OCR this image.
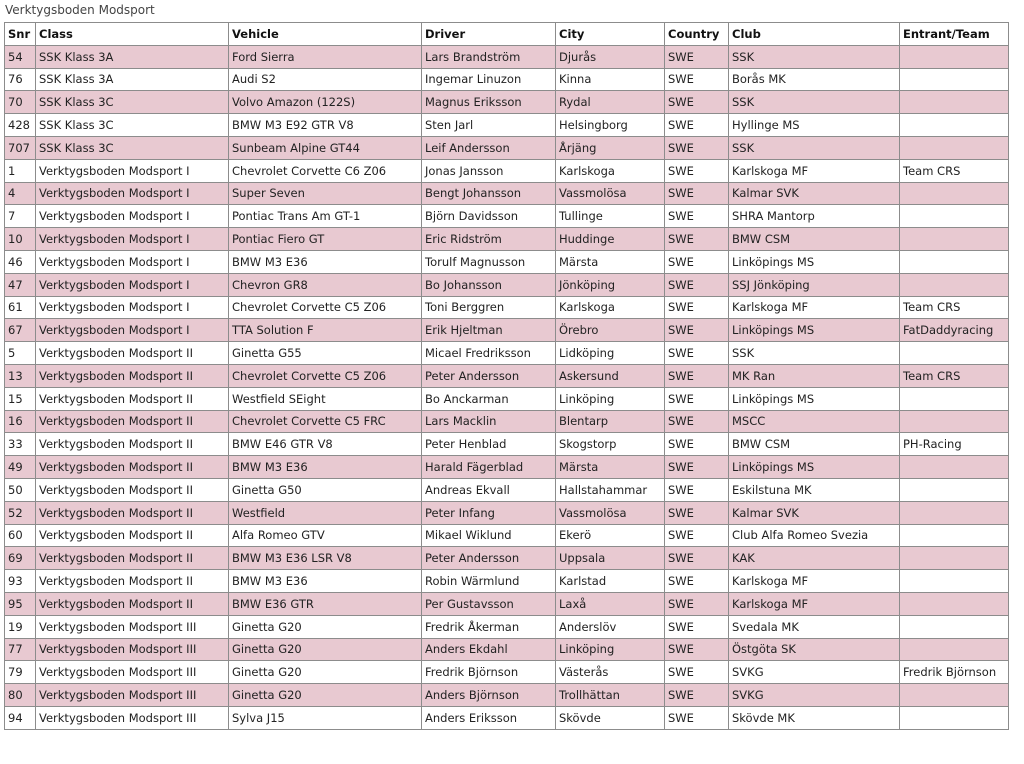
Verktygsboden Modsport
Snr	Class	Vehicle	Driver	City	Country	Club	Entrant/Team
54	SSK Klass 3A	Ford Sierra	Lars Brandström	Djurås	SWE	SSK	
76	SSK Klass 3A	Audi S2	Ingemar Linuzon	Kinna	SWE	Borås MK	
70	SSK Klass 3C	Volvo Amazon (122S)	Magnus Eriksson	Rydal	SWE	SSK	
428	SSK Klass 3C	BMW M3 E92 GTR V8	Sten Jarl	Helsingborg	SWE	Hyllinge MS	
707	SSK Klass 3C	Sunbeam Alpine GT44	Leif Andersson	Årjäng	SWE	SSK	
1	Verktygsboden Modsport I	Chevrolet Corvette C6 Z06	Jonas Jansson	Karlskoga	SWE	Karlskoga MF	Team CRS
4	Verktygsboden Modsport I	Super Seven	Bengt Johansson	Vassmolösa	SWE	Kalmar SVK	
7	Verktygsboden Modsport I	Pontiac Trans Am GT-1	Björn Davidsson	Tullinge	SWE	SHRA Mantorp	
10	Verktygsboden Modsport I	Pontiac Fiero GT	Eric Ridström	Huddinge	SWE	BMW CSM	
46	Verktygsboden Modsport I	BMW M3 E36	Torulf Magnusson	Märsta	SWE	Linköpings MS	
47	Verktygsboden Modsport I	Chevron GR8	Bo Johansson	Jönköping	SWE	SSJ Jönköping	
61	Verktygsboden Modsport I	Chevrolet Corvette C5 Z06	Toni Berggren	Karlskoga	SWE	Karlskoga MF	Team CRS
67	Verktygsboden Modsport I	TTA Solution F	Erik Hjeltman	Örebro	SWE	Linköpings MS	FatDaddyracing
5	Verktygsboden Modsport II	Ginetta G55	Micael Fredriksson	Lidköping	SWE	SSK	
13	Verktygsboden Modsport II	Chevrolet Corvette C5 Z06	Peter Andersson	Askersund	SWE	MK Ran	Team CRS
15	Verktygsboden Modsport II	Westfield SEight	Bo Anckarman	Linköping	SWE	Linköpings MS	
16	Verktygsboden Modsport II	Chevrolet Corvette C5 FRC	Lars Macklin	Blentarp	SWE	MSCC	
33	Verktygsboden Modsport II	BMW E46 GTR V8	Peter Henblad	Skogstorp	SWE	BMW CSM	PH-Racing
49	Verktygsboden Modsport II	BMW M3 E36	Harald Fägerblad	Märsta	SWE	Linköpings MS	
50	Verktygsboden Modsport II	Ginetta G50	Andreas Ekvall	Hallstahammar	SWE	Eskilstuna MK	
52	Verktygsboden Modsport II	Westfield	Peter Infang	Vassmolösa	SWE	Kalmar SVK	
60	Verktygsboden Modsport II	Alfa Romeo GTV	Mikael Wiklund	Ekerö	SWE	Club Alfa Romeo Svezia	
69	Verktygsboden Modsport II	BMW M3 E36 LSR V8	Peter Andersson	Uppsala	SWE	KAK	
93	Verktygsboden Modsport II	BMW M3 E36	Robin Wärmlund	Karlstad	SWE	Karlskoga MF	
95	Verktygsboden Modsport II	BMW E36 GTR	Per Gustavsson	Laxå	SWE	Karlskoga MF	
19	Verktygsboden Modsport III	Ginetta G20	Fredrik Åkerman	Anderslöv	SWE	Svedala MK	
77	Verktygsboden Modsport III	Ginetta G20	Anders Ekdahl	Linköping	SWE	Östgöta SK	
79	Verktygsboden Modsport III	Ginetta G20	Fredrik Björnson	Västerås	SWE	SVKG	Fredrik Björnson
80	Verktygsboden Modsport III	Ginetta G20	Anders Björnson	Trollhättan	SWE	SVKG	
94	Verktygsboden Modsport III	Sylva J15	Anders Eriksson	Skövde	SWE	Skövde MK	
